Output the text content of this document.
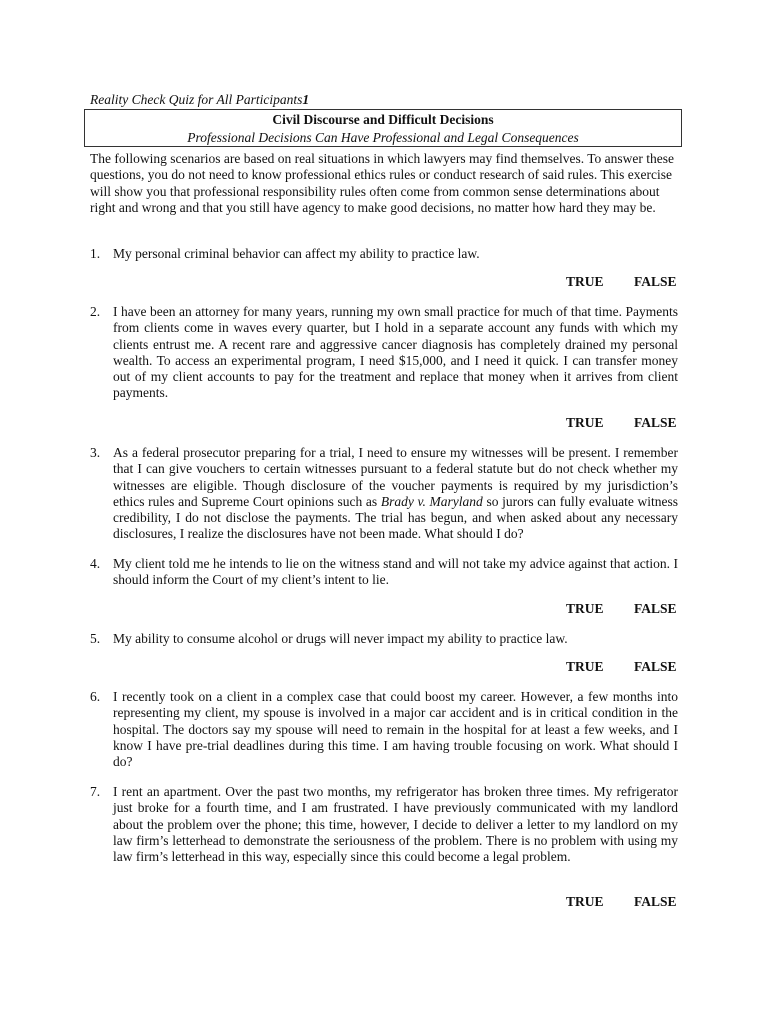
Reality Check Quiz for All Participants1
Civil Discourse and Difficult Decisions
Professional Decisions Can Have Professional and Legal Consequences
The following scenarios are based on real situations in which lawyers may find themselves. To answer these questions, you do not need to know professional ethics rules or conduct research of said rules. This exercise will show you that professional responsibility rules often come from common sense determinations about right and wrong and that you still have agency to make good decisions, no matter how hard they may be.
1. My personal criminal behavior can affect my ability to practice law.
TRUE FALSE
2. I have been an attorney for many years, running my own small practice for much of that time. Payments from clients come in waves every quarter, but I hold in a separate account any funds with which my clients entrust me. A recent rare and aggressive cancer diagnosis has completely drained my personal wealth. To access an experimental program, I need $15,000, and I need it quick. I can transfer money out of my client accounts to pay for the treatment and replace that money when it arrives from client payments.
TRUE FALSE
3. As a federal prosecutor preparing for a trial, I need to ensure my witnesses will be present. I remember that I can give vouchers to certain witnesses pursuant to a federal statute but do not check whether my witnesses are eligible. Though disclosure of the voucher payments is required by my jurisdiction’s ethics rules and Supreme Court opinions such as Brady v. Maryland so jurors can fully evaluate witness credibility, I do not disclose the payments. The trial has begun, and when asked about any necessary disclosures, I realize the disclosures have not been made. What should I do?
4. My client told me he intends to lie on the witness stand and will not take my advice against that action. I should inform the Court of my client’s intent to lie.
TRUE FALSE
5. My ability to consume alcohol or drugs will never impact my ability to practice law.
TRUE FALSE
6. I recently took on a client in a complex case that could boost my career. However, a few months into representing my client, my spouse is involved in a major car accident and is in critical condition in the hospital. The doctors say my spouse will need to remain in the hospital for at least a few weeks, and I know I have pre-trial deadlines during this time. I am having trouble focusing on work. What should I do?
7. I rent an apartment. Over the past two months, my refrigerator has broken three times. My refrigerator just broke for a fourth time, and I am frustrated. I have previously communicated with my landlord about the problem over the phone; this time, however, I decide to deliver a letter to my landlord on my law firm’s letterhead to demonstrate the seriousness of the problem. There is no problem with using my law firm’s letterhead in this way, especially since this could become a legal problem.
TRUE FALSE
